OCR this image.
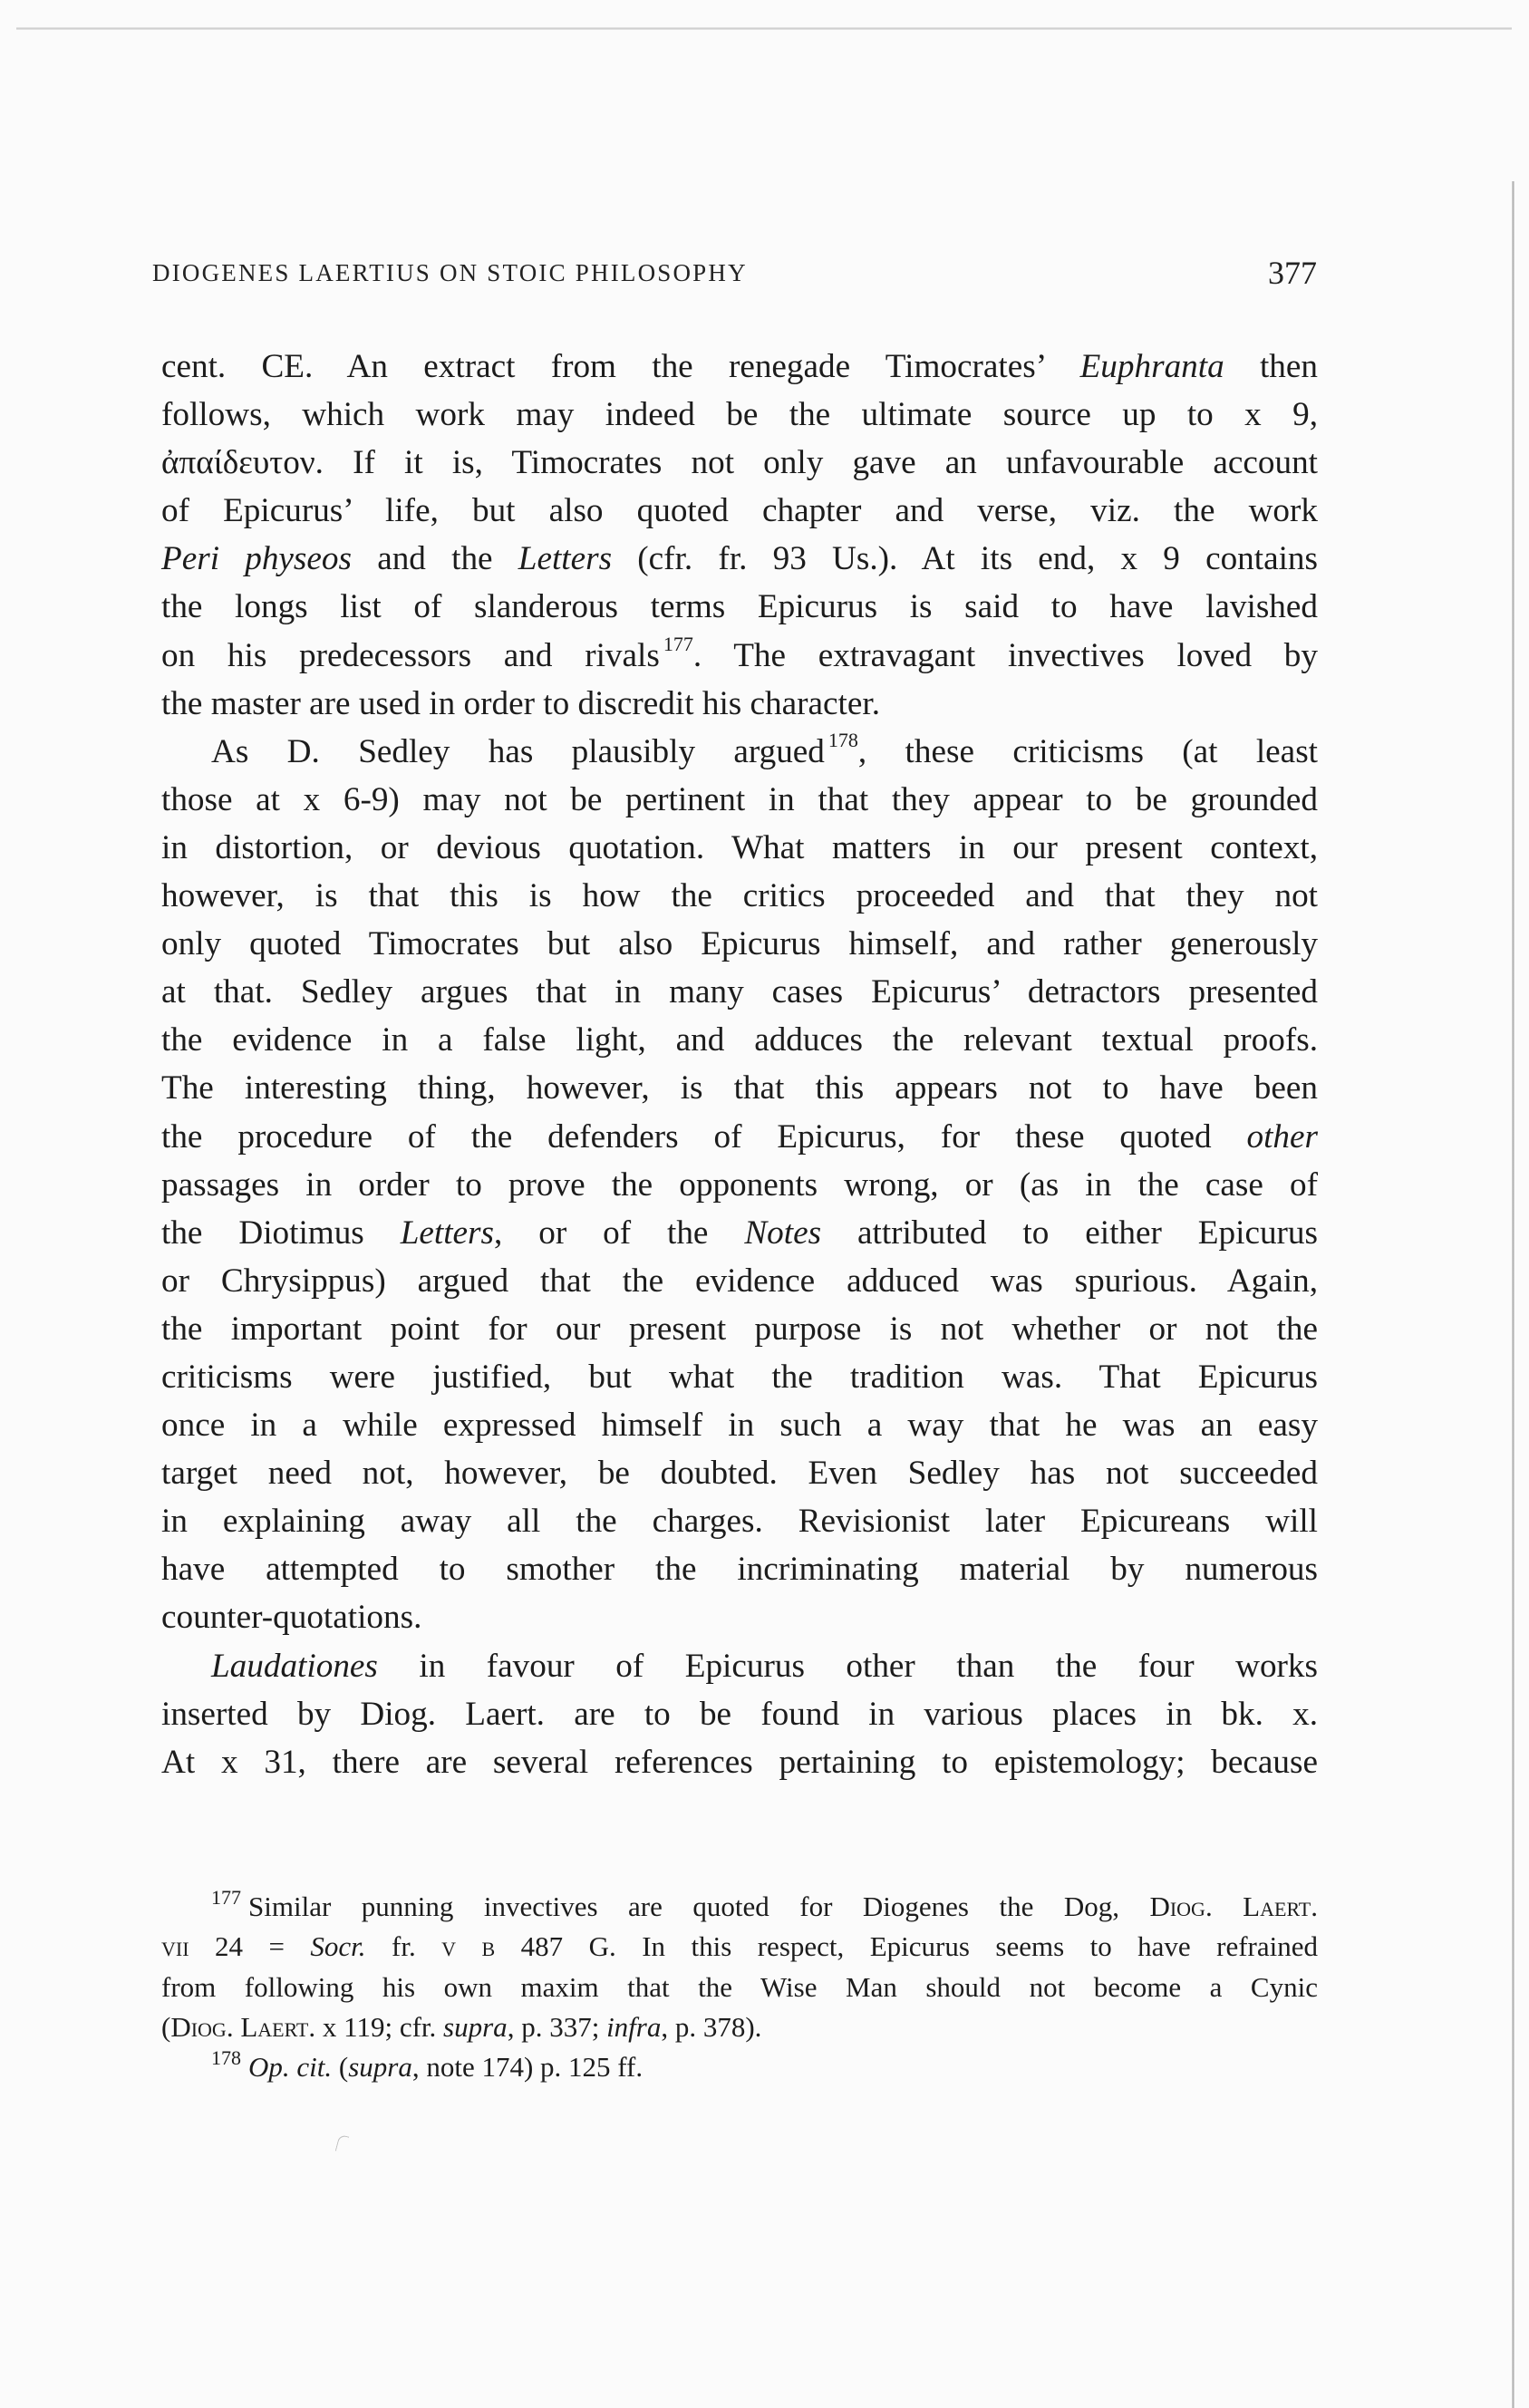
DIOGENES LAERTIUS ON STOIC PHILOSOPHY	377

cent. CE. An extract from the renegade Timocrates’ Euphranta then
follows, which work may indeed be the ultimate source up to x 9,
ἀπαίδευτον. If it is, Timocrates not only gave an unfavourable account
of Epicurus’ life, but also quoted chapter and verse, viz. the work
Peri physeos and the Letters (cfr. fr. 93 Us.). At its end, x 9 contains
the longs list of slanderous terms Epicurus is said to have lavished
on his predecessors and rivals $^{177}$. The extravagant invectives loved by
the master are used in order to discredit his character.

As D. Sedley has plausibly argued $^{178}$, these criticisms (at least
those at x 6-9) may not be pertinent in that they appear to be grounded
in distortion, or devious quotation. What matters in our present context,
however, is that this is how the critics proceeded and that they not
only quoted Timocrates but also Epicurus himself, and rather generously
at that. Sedley argues that in many cases Epicurus’ detractors presented
the evidence in a false light, and adduces the relevant textual proofs.
The interesting thing, however, is that this appears not to have been
the procedure of the defenders of Epicurus, for these quoted other
passages in order to prove the opponents wrong, or (as in the case of
the Diotimus Letters, or of the Notes attributed to either Epicurus
or Chrysippus) argued that the evidence adduced was spurious. Again,
the important point for our present purpose is not whether or not the
criticisms were justified, but what the tradition was. That Epicurus
once in a while expressed himself in such a way that he was an easy
target need not, however, be doubted. Even Sedley has not succeeded
in explaining away all the charges. Revisionist later Epicureans will
have attempted to smother the incriminating material by numerous
counter-quotations.

Laudationes in favour of Epicurus other than the four works
inserted by Diog. Laert. are to be found in various places in bk. x.
At x 31, there are several references pertaining to epistemology; because

$^{177}$ Similar punning invectives are quoted for Diogenes the Dog, Diog. Laert.
vii 24 = Socr. fr. v b 487 G. In this respect, Epicurus seems to have refrained
from following his own maxim that the Wise Man should not become a Cynic
(Diog. Laert. x 119; cfr. supra, p. 337; infra, p. 378).
$^{178}$ Op. cit. (supra, note 174) p. 125 ff.
